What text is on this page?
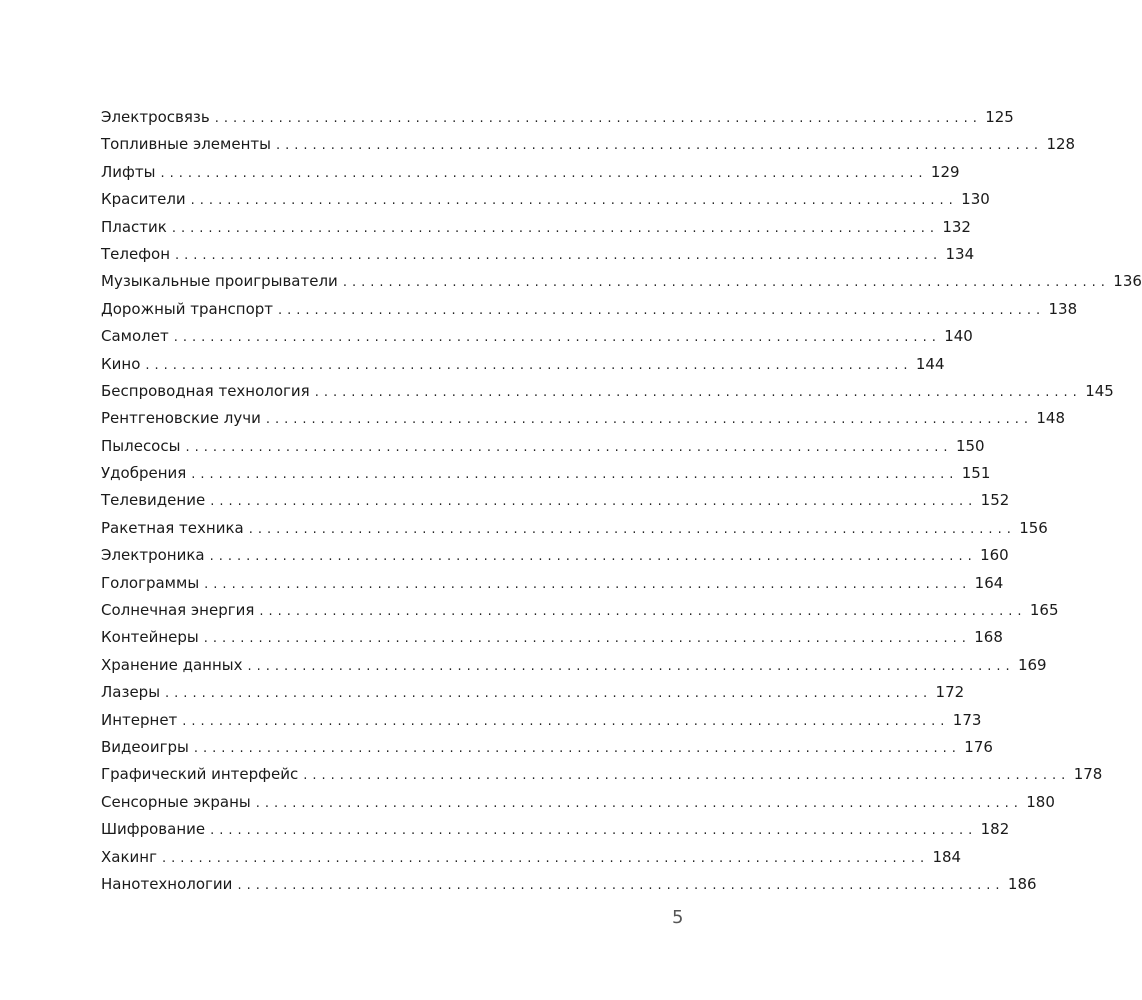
Электросвязь .................................................................................... 125
Топливные элементы .................................................................................... 128
Лифты .................................................................................... 129
Красители .................................................................................... 130
Пластик .................................................................................... 132
Телефон .................................................................................... 134
Музыкальные проигрыватели .................................................................................... 136
Дорожный транспорт .................................................................................... 138
Самолет .................................................................................... 140
Кино .................................................................................... 144
Беспроводная технология .................................................................................... 145
Рентгеновские лучи .................................................................................... 148
Пылесосы .................................................................................... 150
Удобрения .................................................................................... 151
Телевидение .................................................................................... 152
Ракетная техника .................................................................................... 156
Электроника .................................................................................... 160
Голограммы .................................................................................... 164
Солнечная энергия .................................................................................... 165
Контейнеры .................................................................................... 168
Хранение данных .................................................................................... 169
Лазеры .................................................................................... 172
Интернет .................................................................................... 173
Видеоигры .................................................................................... 176
Графический интерфейс .................................................................................... 178
Сенсорные экраны .................................................................................... 180
Шифрование .................................................................................... 182
Хакинг .................................................................................... 184
Нанотехнологии .................................................................................... 186
5
